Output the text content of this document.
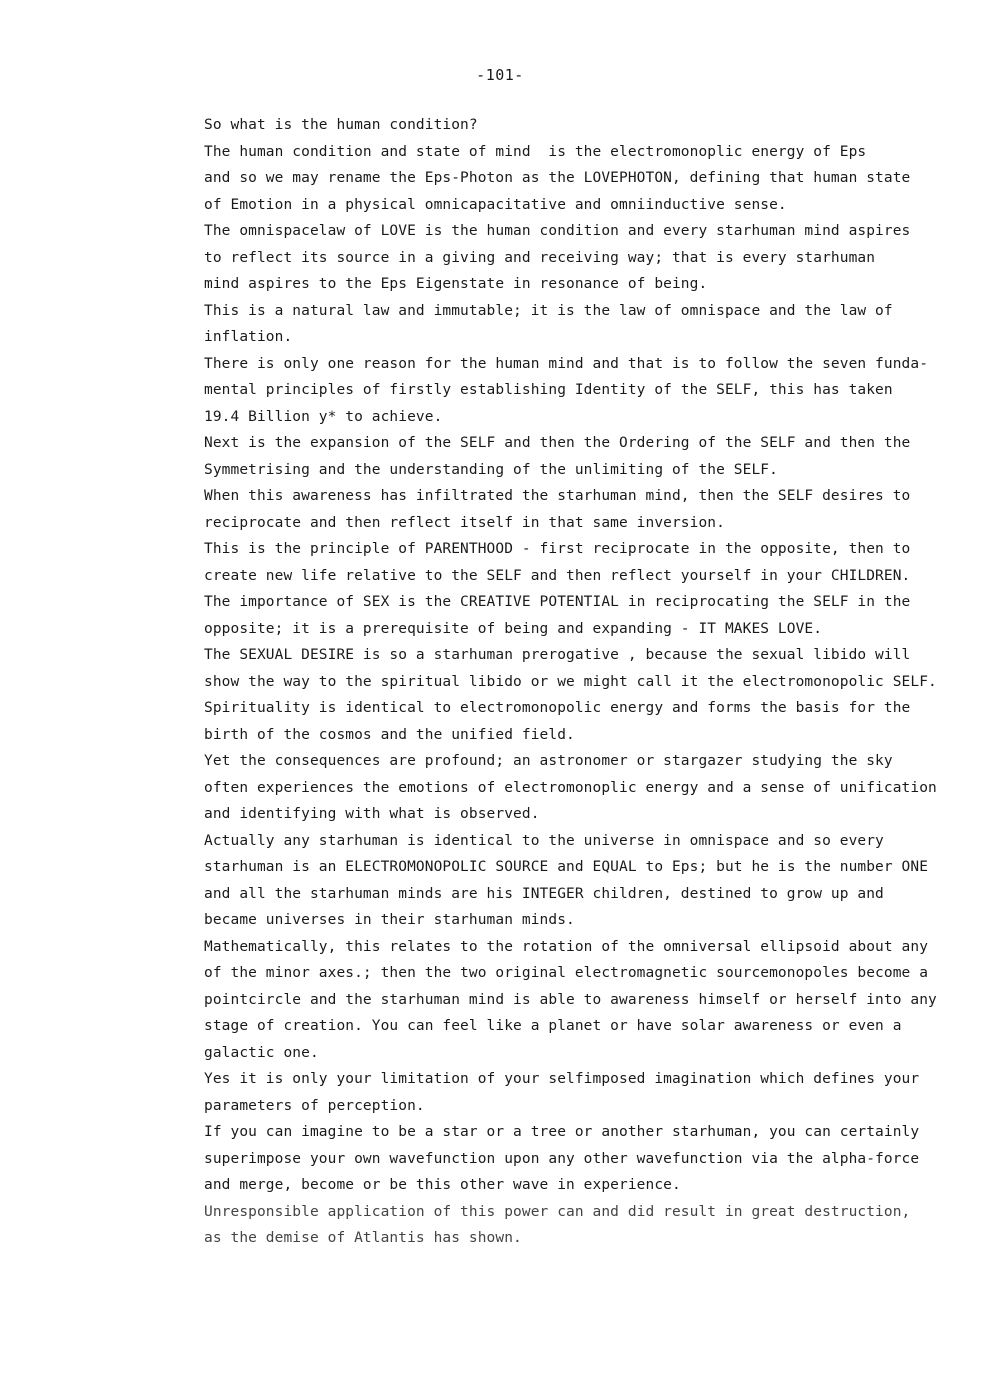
-101-
So what is the human condition?
The human condition and state of mind  is the electromonoplic energy of Eps
and so we may rename the Eps-Photon as the LOVEPHOTON, defining that human state
of Emotion in a physical omnicapacitative and omniinductive sense.
The omnispacelaw of LOVE is the human condition and every starhuman mind aspires
to reflect its source in a giving and receiving way; that is every starhuman
mind aspires to the Eps Eigenstate in resonance of being.
This is a natural law and immutable; it is the law of omnispace and the law of
inflation.
There is only one reason for the human mind and that is to follow the seven funda-
mental principles of firstly establishing Identity of the SELF, this has taken
19.4 Billion y* to achieve.
Next is the expansion of the SELF and then the Ordering of the SELF and then the
Symmetrising and the understanding of the unlimiting of the SELF.
When this awareness has infiltrated the starhuman mind, then the SELF desires to
reciprocate and then reflect itself in that same inversion.
This is the principle of PARENTHOOD - first reciprocate in the opposite, then to
create new life relative to the SELF and then reflect yourself in your CHILDREN.
The importance of SEX is the CREATIVE POTENTIAL in reciprocating the SELF in the
opposite; it is a prerequisite of being and expanding - IT MAKES LOVE.
The SEXUAL DESIRE is so a starhuman prerogative , because the sexual libido will
show the way to the spiritual libido or we might call it the electromonopolic SELF.
Spirituality is identical to electromonopolic energy and forms the basis for the
birth of the cosmos and the unified field.
Yet the consequences are profound; an astronomer or stargazer studying the sky
often experiences the emotions of electromonoplic energy and a sense of unification
and identifying with what is observed.
Actually any starhuman is identical to the universe in omnispace and so every
starhuman is an ELECTROMONOPOLIC SOURCE and EQUAL to Eps; but he is the number ONE
and all the starhuman minds are his INTEGER children, destined to grow up and
became universes in their starhuman minds.
Mathematically, this relates to the rotation of the omniversal ellipsoid about any
of the minor axes.; then the two original electromagnetic sourcemonopoles become a
pointcircle and the starhuman mind is able to awareness himself or herself into any
stage of creation. You can feel like a planet or have solar awareness or even a
galactic one.
Yes it is only your limitation of your selfimposed imagination which defines your
parameters of perception.
If you can imagine to be a star or a tree or another starhuman, you can certainly
superimpose your own wavefunction upon any other wavefunction via the alpha-force
and merge, become or be this other wave in experience.
Unresponsible application of this power can and did result in great destruction,
as the demise of Atlantis has shown.
